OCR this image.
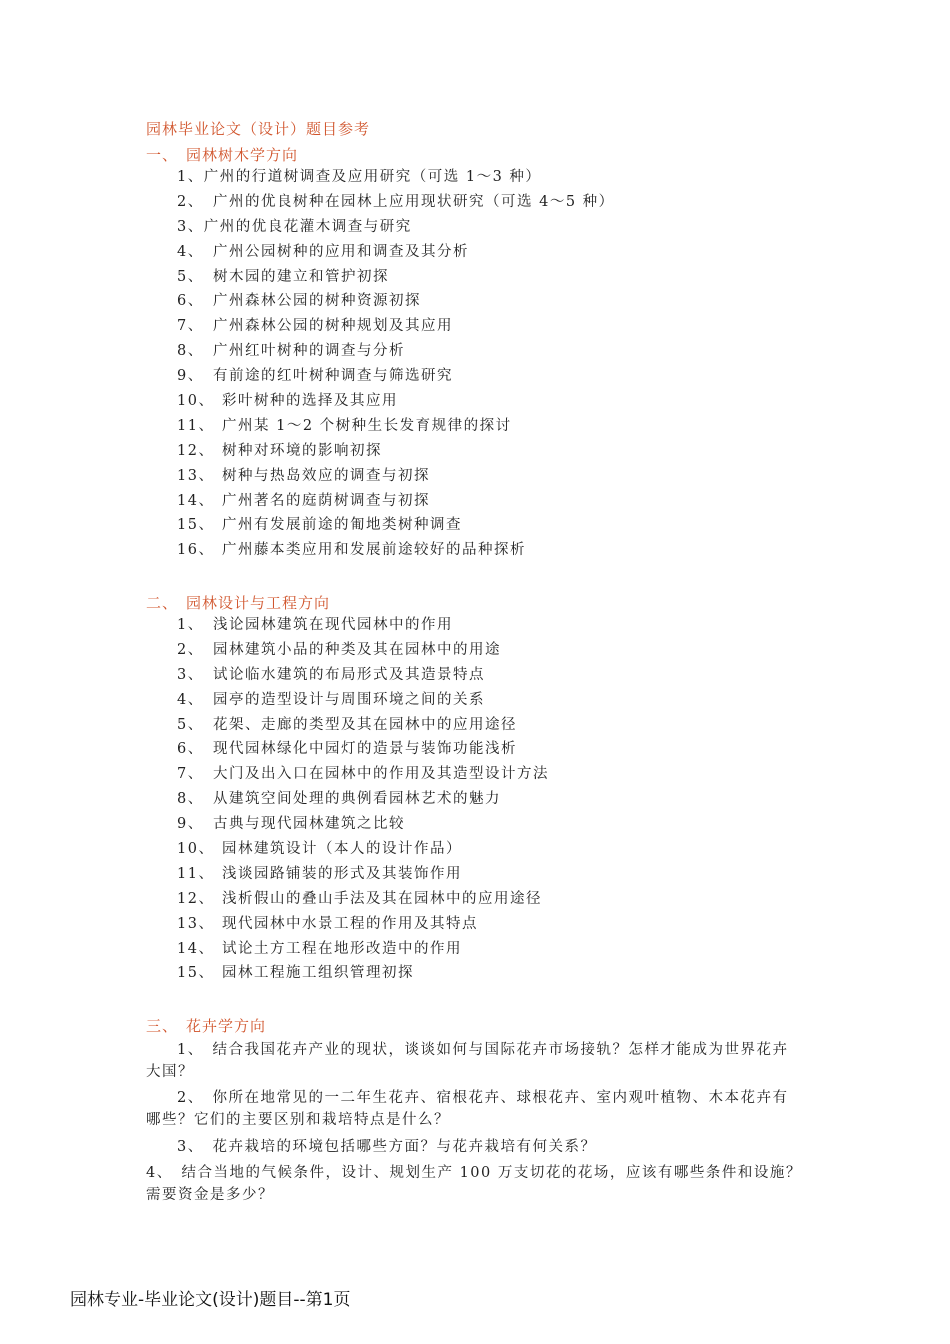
园林毕业论文（设计）题目参考
一、 园林树木学方向
1、广州的行道树调查及应用研究（可选 1～3 种）
2、 广州的优良树种在园林上应用现状研究（可选 4～5 种）
3、广州的优良花灌木调查与研究
4、 广州公园树种的应用和调查及其分析
5、 树木园的建立和管护初探
6、 广州森林公园的树种资源初探
7、 广州森林公园的树种规划及其应用
8、 广州红叶树种的调查与分析
9、 有前途的红叶树种调查与筛选研究
10、 彩叶树种的选择及其应用
11、 广州某 1～2 个树种生长发育规律的探讨
12、 树种对环境的影响初探
13、 树种与热岛效应的调查与初探
14、 广州著名的庭荫树调查与初探
15、 广州有发展前途的匍地类树种调查
16、 广州藤本类应用和发展前途较好的品种探析
二、 园林设计与工程方向
1、 浅论园林建筑在现代园林中的作用
2、 园林建筑小品的种类及其在园林中的用途
3、 试论临水建筑的布局形式及其造景特点
4、 园亭的造型设计与周围环境之间的关系
5、 花架、走廊的类型及其在园林中的应用途径
6、 现代园林绿化中园灯的造景与装饰功能浅析
7、 大门及出入口在园林中的作用及其造型设计方法
8、 从建筑空间处理的典例看园林艺术的魅力
9、 古典与现代园林建筑之比较
10、 园林建筑设计（本人的设计作品）
11、 浅谈园路铺装的形式及其装饰作用
12、 浅析假山的叠山手法及其在园林中的应用途径
13、 现代园林中水景工程的作用及其特点
14、 试论土方工程在地形改造中的作用
15、 园林工程施工组织管理初探
三、 花卉学方向

1、　结合我国花卉产业的现状，谈谈如何与国际花卉市场接轨？怎样才能成为世界花卉大国？

2、　你所在地常见的一二年生花卉、宿根花卉、球根花卉、室内观叶植物、木本花卉有哪些？它们的主要区别和栽培特点是什么？

3、　花卉栽培的环境包括哪些方面？与花卉栽培有何关系？

4、　结合当地的气候条件，设计、规划生产 100 万支切花的花场，应该有哪些条件和设施？需要资金是多少？

园林专业-毕业论文(设计)题目--第1页
